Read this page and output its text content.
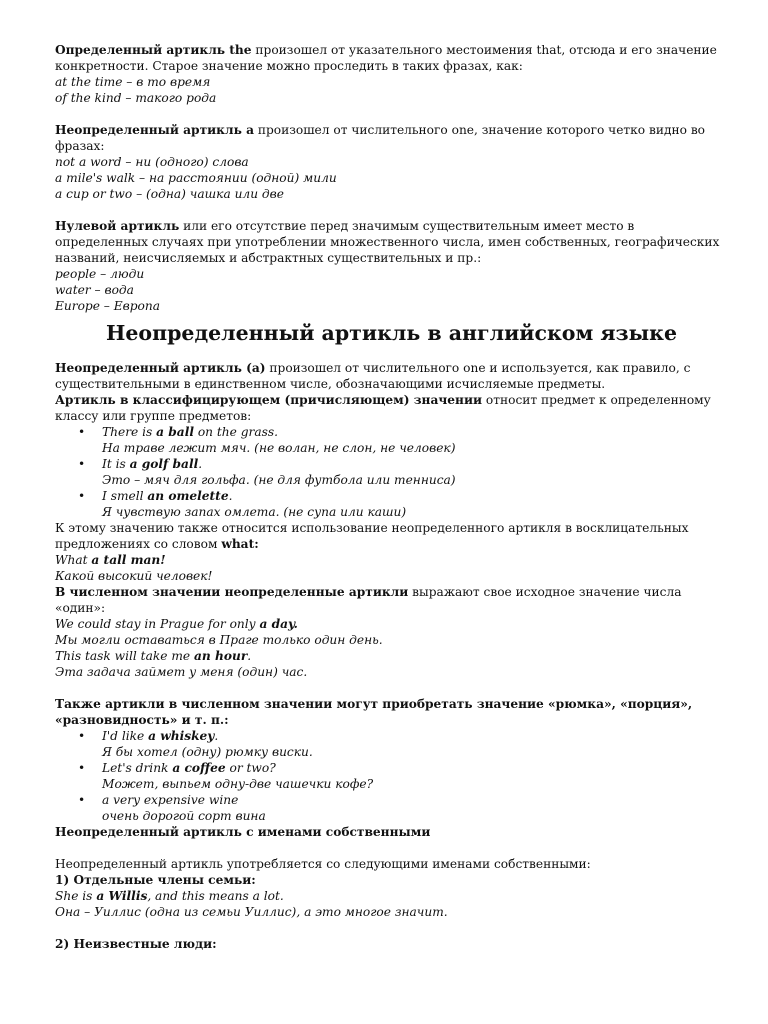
Определенный артикль the произошел от указательного местоимения that, отсюда и его значение конкретности. Старое значение можно проследить в таких фразах, как:

at the time – в то время

of the kind – такого рода

Неопределенный артикль a произошел от числительного one, значение которого четко видно во фразах:

not a word – ни (одного) слова

a mile's walk – на расстоянии (одной) мили

a cup or two – (одна) чашка или две

Нулевой артикль или его отсутствие перед значимым существительным имеет место в определенных случаях при употреблении множественного числа, имен собственных, географических названий, неисчисляемых и абстрактных существительных и пр.:

people – люди

water – вода

Europe – Европа

Неопределенный артикль в английском языке

Неопределенный артикль (a) произошел от числительного one и используется, как правило, с существительными в единственном числе, обозначающими исчисляемые предметы.

Артикль в классифицирующем (причисляющем) значении относит предмет к определенному классу или группе предметов:

• There is a ball on the grass.

На траве лежит мяч. (не волан, не слон, не человек)

• It is a golf ball.

Это – мяч для гольфа. (не для футбола или тенниса)

• I smell an omelette.

Я чувствую запах омлета. (не супа или каши)

К этому значению также относится использование неопределенного артикля в восклицательных предложениях со словом what:

What a tall man!

Какой высокий человек!

В численном значении неопределенные артикли выражают свое исходное значение числа «один»:

We could stay in Prague for only a day.

Мы могли оставаться в Праге только один день.

This task will take me an hour.

Эта задача займет у меня (один) час.

Также артикли в численном значении могут приобретать значение «рюмка», «порция», «разновидность» и т. п.:

• I'd like a whiskey.

Я бы хотел (одну) рюмку виски.

• Let's drink a coffee or two?

Может, выпьем одну-две чашечки кофе?

• a very expensive wine

очень дорогой сорт вина

Неопределенный артикль с именами собственными

Неопределенный артикль употребляется со следующими именами собственными:

1) Отдельные члены семьи:

She is a Willis, and this means a lot.

Она – Уиллис (одна из семьи Уиллис), а это многое значит.

2) Неизвестные люди:
